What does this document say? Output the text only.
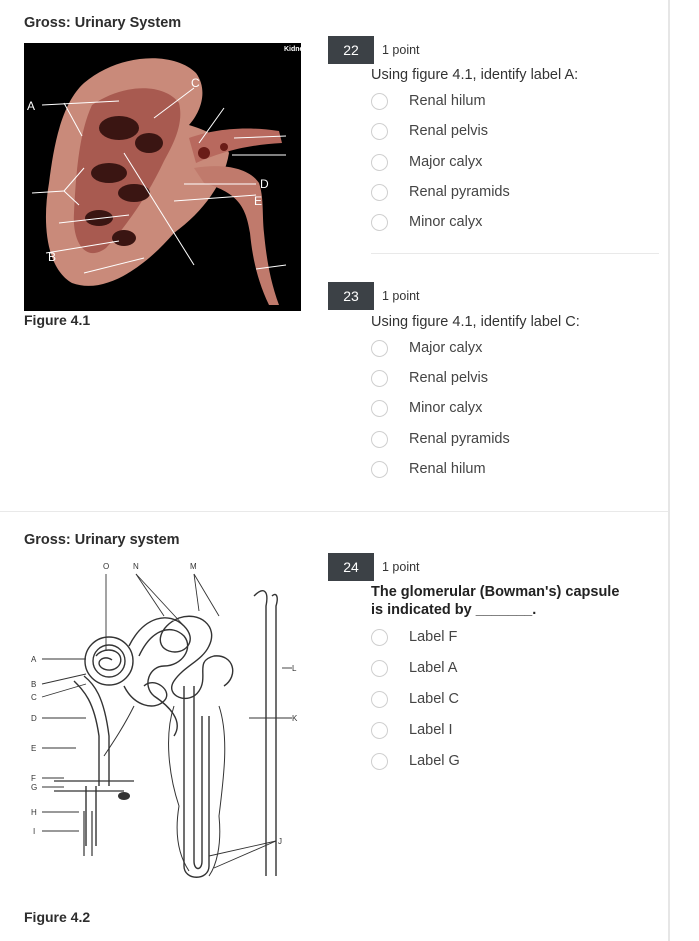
Gross: Urinary System
Kidney
A
C
D
E
B
Figure 4.1
22	1 point
Using figure 4.1, identify label A:
Renal hilum
Renal pelvis
Major calyx
Renal pyramids
Minor calyx
23	1 point
Using figure 4.1, identify label C:
Major calyx
Renal pelvis
Minor calyx
Renal pyramids
Renal hilum
Gross: Urinary system
O	N	M
A
B
C
D
E
F
G
H
I
J
K
L
Figure 4.2
24	1 point
The glomerular (Bowman's) capsule is indicated by _______.
Label F
Label A
Label C
Label I
Label G
